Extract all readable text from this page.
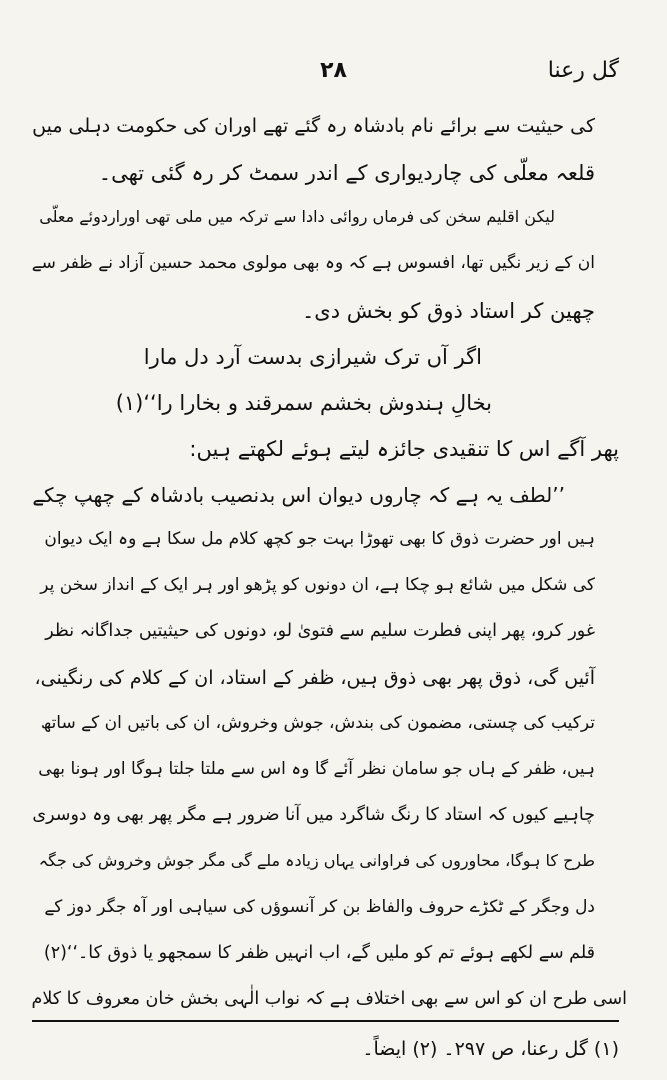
گل رعنا
۲۸
کی حیثیت سے برائے نام بادشاہ رہ گئے تھے اوران کی حکومت دہلی میں
قلعہ معلّی کی چاردیواری کے اندر سمٹ کر رہ گئی تھی۔
لیکن اقلیم سخن کی فرماں روائی دادا سے ترکہ میں ملی تھی اوراردوئے معلّی
ان کے زیر نگیں تھا، افسوس ہے کہ وہ بھی مولوی محمد حسین آزاد نے ظفر سے
چھین کر استاد ذوق کو بخش دی۔
اگر آں ترک شیرازی بدست آرد دل مارا
بخالِ ہندوش بخشم سمرقند و بخارا را‘‘(۱)
پھر آگے اس کا تنقیدی جائزہ لیتے ہوئے لکھتے ہیں:
’’لطف یہ ہے کہ چاروں دیوان اس بدنصیب بادشاہ کے چھپ چکے
ہیں اور حضرت ذوق کا بھی تھوڑا بہت جو کچھ کلام مل سکا ہے وہ ایک دیوان
کی شکل میں شائع ہو چکا ہے، ان دونوں کو پڑھو اور ہر ایک کے انداز سخن پر
غور کرو، پھر اپنی فطرت سلیم سے فتویٰ لو، دونوں کی حیثیتیں جداگانہ نظر
آئیں گی، ذوق پھر بھی ذوق ہیں، ظفر کے استاد، ان کے کلام کی رنگینی،
ترکیب کی چستی، مضمون کی بندش، جوش وخروش، ان کی باتیں ان کے ساتھ
ہیں، ظفر کے ہاں جو سامان نظر آئے گا وہ اس سے ملتا جلتا ہوگا اور ہونا بھی
چاہیے کیوں کہ استاد کا رنگ شاگرد میں آنا ضرور ہے مگر پھر بھی وہ دوسری
طرح کا ہوگا، محاوروں کی فراوانی یہاں زیادہ ملے گی مگر جوش وخروش کی جگہ
دل وجگر کے ٹکڑے حروف والفاظ بن کر آنسوؤں کی سیاہی اور آہ جگر دوز کے
قلم سے لکھے ہوئے تم کو ملیں گے، اب انہیں ظفر کا سمجھو یا ذوق کا۔‘‘(۲)
اسی طرح ان کو اس سے بھی اختلاف ہے کہ نواب الٰہی بخش خان معروف کا کلام
(۱) گل رعنا، ص ۲۹۷۔ (۲) ایضاً۔
